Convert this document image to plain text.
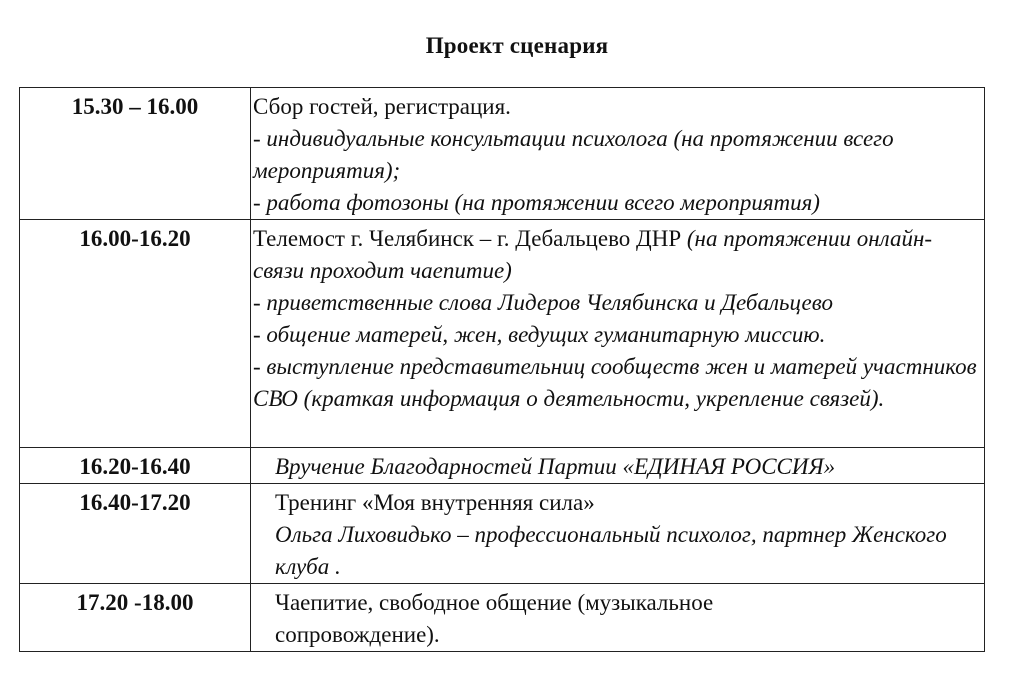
Проект сценария
15.30 – 16.00	Сбор гостей, регистрация.
- индивидуальные консультации психолога (на протяжении всего мероприятия);
- работа фотозоны (на протяжении всего мероприятия)

16.00-16.20	Телемост г. Челябинск – г. Дебальцево ДНР (на протяжении онлайн-связи проходит чаепитие)
- приветственные слова Лидеров Челябинска и Дебальцево
- общение матерей, жен, ведущих гуманитарную миссию.
- выступление представительниц сообществ жен и матерей участников СВО (краткая информация о деятельности, укрепление связей).

16.20-16.40	Вручение Благодарностей Партии «ЕДИНАЯ РОССИЯ»
16.40-17.20	Тренинг «Моя внутренняя сила»
Ольга Лиховидько – профессиональный психолог, партнер Женского клуба .

17.20 -18.00	Чаепитие, свободное общение (музыкальное сопровождение).
